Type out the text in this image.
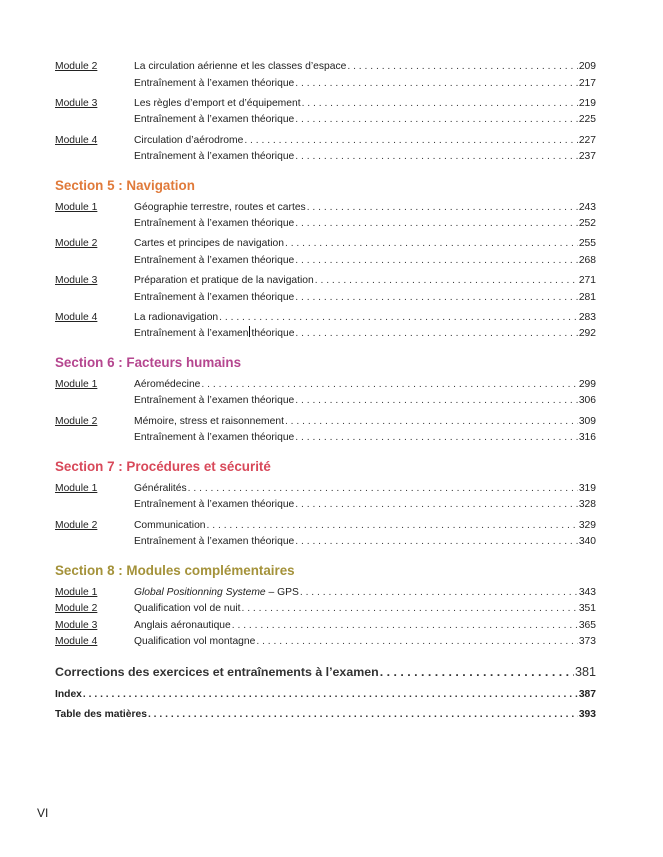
Module 2	La circulation aérienne et les classes d’espace . . .	209
Entraînement à l’examen théorique . . .	217
Module 3	Les règles d’emport et d’équipement . . .	219
Entraînement à l’examen théorique . . .	225
Module 4	Circulation d’aérodrome . . .	227
Entraînement à l’examen théorique . . .	237
Section 5 : Navigation
Module 1	Géographie terrestre, routes et cartes . . .	243
Entraînement à l’examen théorique . . .	252
Module 2	Cartes et principes de navigation . . .	255
Entraînement à l’examen théorique . . .	268
Module 3	Préparation et pratique de la navigation . . .	271
Entraînement à l’examen théorique . . .	281
Module 4	La radionavigation . . .	283
Entraînement à l’examen théorique . . .	292
Section 6 : Facteurs humains
Module 1	Aéromédecine . . .	299
Entraînement à l’examen théorique . . .	306
Module 2	Mémoire, stress et raisonnement . . .	309
Entraînement à l’examen théorique . . .	316
Section 7 : Procédures et sécurité
Module 1	Généralités . . .	319
Entraînement à l’examen théorique . . .	328
Module 2	Communication . . .	329
Entraînement à l’examen théorique . . .	340
Section 8 : Modules complémentaires
Module 1	Global Positionning Systeme – GPS . . .	343
Module 2	Qualification vol de nuit . . .	351
Module 3	Anglais aéronautique . . .	365
Module 4	Qualification vol montagne . . .	373
Corrections des exercices et entraînements à l’examen . . .	381
Index . . .	387
Table des matières . . .	393
VI
